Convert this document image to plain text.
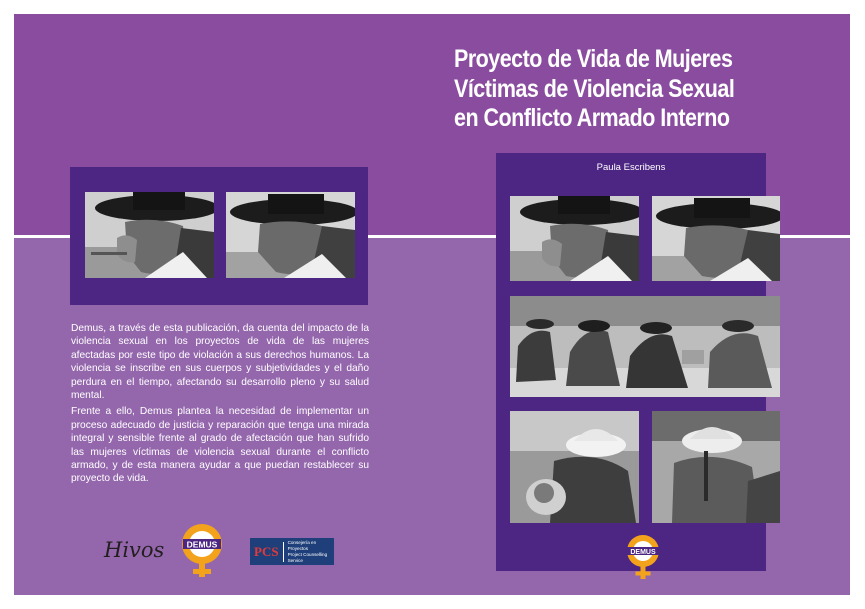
Demus, a través de esta publicación, da cuenta del impacto de la violencia sexual en los proyectos de vida de las mujeres afectadas por este tipo de violación a sus derechos humanos. La violencia se inscribe en sus cuerpos y subjetividades y el daño perdura en el tiempo, afectando su desarrollo pleno y su salud mental.

Frente a ello, Demus plantea la necesidad de implementar un proceso adecuado de justicia y reparación que tenga una mirada integral y sensible frente al grado de afectación que han sufrido las mujeres víctimas de violencia sexual durante el conflicto armado, y de esta manera ayudar a que puedan restablecer su proyecto de vida.

Hivos	DEMUS	PCS
Consejería en Proyectos
Project Counselling Service
Proyecto de Vida de Mujeres
Víctimas de Violencia Sexual
en Conflicto Armado Interno
Paula Escribens
DEMUS
